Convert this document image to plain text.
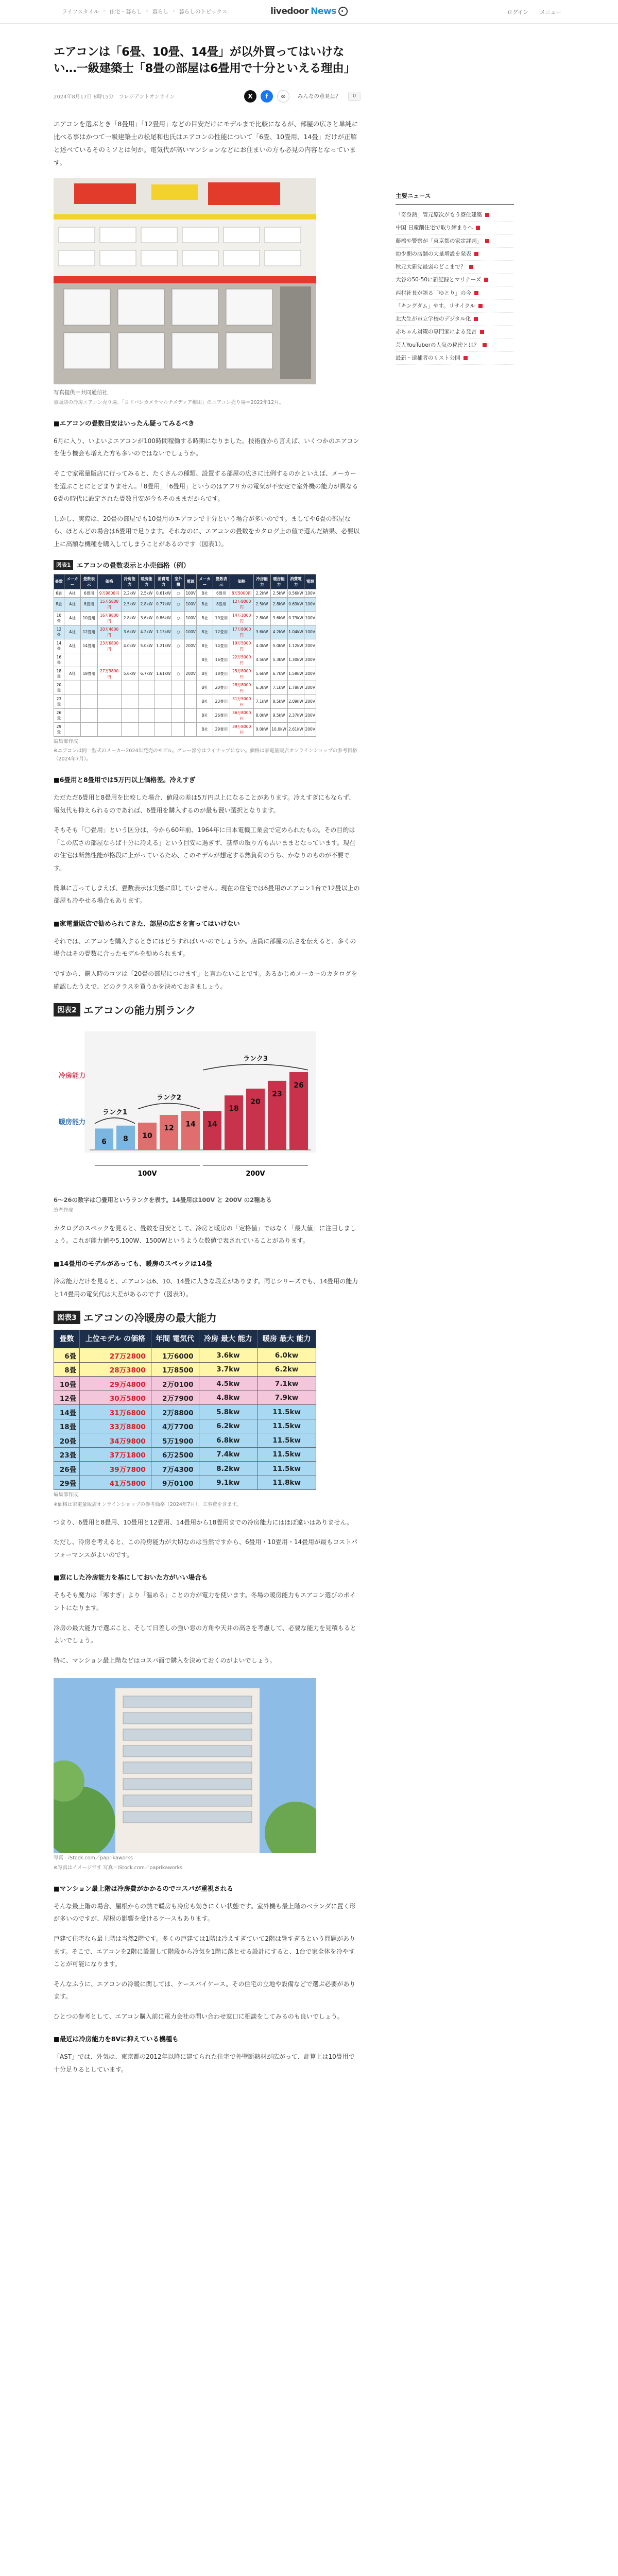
ライフスタイル › 住宅・暮らし › 暮らし › 暮らしのトピックス	livedoor News	ログイン メニュー
エアコンは「6畳、10畳、14畳」が以外買ってはいけない…一級建築士「8畳の部屋は6畳用で十分といえる理由」
2024年8月17日 8時15分 プレジデントオンライン	X	f	∞	みんなの意見は？	0

エアコンを選ぶとき「8畳用」「12畳用」などの目安だけにモデルまで比較になるが、部屋の広さと単純に比べる事はかつて一級建築士の松尾和也氏はエアコンの性能について「6畳、10畳用、14畳」だけが正解と述べているそのミソとは何か。電気代が高いマンションなどにお住まいの方も必見の内容となっています。

写真提供＝共同通信社
量販店の冷房エアコン売り場。「ヨドバシカメラマルチメディア梅田」のエアコン売り場＝2022年12月。
■エアコンの畳数目安はいったん疑ってみるべき

6月に入り、いよいよエアコンが100時間稼働する時期になりました。技術面から言えば、いくつかのエアコンを使う機会も増えた方も多いのではないでしょうか。

そこで家電量販店に行ってみると、たくさんの種類、設置する部屋の広さに比例するのかといえば、メーカーを選ぶことにとどまりません。「8畳用」「6畳用」というのはアフリカの電気が不安定で室外機の能力が異なる6畳の時代に設定された畳数目安が今もそのままだからです。

しかし、実際は、20畳の部屋でも10畳用のエアコンで十分という場合が多いのです。ましてや6畳の部屋なら、ほとんどの場合は6畳用で足ります。それなのに、エアコンの畳数をカタログ上の値で選んだ結果、必要以上に高額な機種を購入してしまうことがあるのです（図表1）。

図表1 エアコンの畳数表示と小売価格（例）
畳数	メーカー	畳数表示	価格	冷房能力	暖房能力	消費電力	室外機	電源	メーカー	畳数表示	価格	冷房能力	暖房能力	消費電力	電源
6畳	A社	6畳用	9万9800円	2.2kW	2.5kW	0.61kW	○	100V	B社	6畳用	8万5000円	2.2kW	2.5kW	0.56kW	100V
8畳	A社	8畳用	15万5800円	2.5kW	2.8kW	0.77kW	○	100V	B社	8畳用	12万8000円	2.5kW	2.8kW	0.69kW	100V
10畳	A社	10畳用	16万9800円	2.8kW	3.6kW	0.86kW	○	100V	B社	10畳用	14万3000円	2.8kW	3.6kW	0.79kW	100V
12畳	A社	12畳用	20万4800円	3.6kW	4.2kW	1.13kW	○	100V	B社	12畳用	17万8000円	3.6kW	4.2kW	1.04kW	100V
14畳	A社	14畳用	23万6800円	4.0kW	5.0kW	1.21kW	○	200V	B社	14畳用	19万5000円	4.0kW	5.0kW	1.12kW	200V
16畳									B社	16畳用	22万5000円	4.5kW	5.3kW	1.30kW	200V
18畳	A社	18畳用	27万9800円	5.6kW	6.7kW	1.61kW	○	200V	B社	18畳用	25万8000円	5.6kW	6.7kW	1.58kW	200V
20畳									B社	20畳用	28万8000円	6.3kW	7.1kW	1.78kW	200V
23畳									B社	23畳用	31万5000円	7.1kW	8.5kW	2.09kW	200V
26畳									B社	26畳用	36万8000円	8.0kW	9.5kW	2.37kW	200V
29畳									B社	29畳用	39万8000円	9.0kW	10.0kW	2.61kW	200V
編集部作成
※エアコンは同一型式のメーカー2024年発売のモデル。グレー部分はライナップにない。価格は家電量販店オンラインショップの参考価格（2024年7月）。
■6畳用と8畳用では5万円以上価格差。冷えすぎ

ただただ6畳用と8畳用を比較した場合、値段の差は5万円以上になることがあります。冷えすぎにもならず、電気代も抑えられるのであれば、6畳用を購入するのが最も賢い選択となります。

そもそも「〇畳用」という区分は、今から60年前、1964年に日本電機工業会で定められたもの。その目的は「この広さの部屋ならば十分に冷える」という目安に過ぎず、基準の取り方も古いままとなっています。現在の住宅は断熱性能が格段に上がっているため、このモデルが想定する熱負荷のうち、かなりのものが不要です。

簡単に言ってしまえば、畳数表示は実態に即していません。現在の住宅では6畳用のエアコン1台で12畳以上の部屋も冷やせる場合もあります。

■家電量販店で勧められてきた、部屋の広さを言ってはいけない

それでは、エアコンを購入するときにはどうすればいいのでしょうか。店員に部屋の広さを伝えると、多くの場合はその畳数に合ったモデルを勧められます。

ですから、購入時のコツは「20畳の部屋につけます」と言わないことです。あるかじめメーカーのカタログを確認したうえで、どのクラスを買うかを決めておきましょう。

図表2 エアコンの能力別ランク
冷房能力
暖房能力
6 8 10
12 14 14
18
20
23
26
ランク1
ランク2
ランク3
100V	200V
6〜26の数字は〇畳用というランクを表す。14畳用は100V と 200V の2種ある
筆者作成

カタログのスペックを見ると、畳数を目安として、冷房と暖房の「定格値」ではなく「最大値」に注目しましょう。これが能力値や5,100W、1500Wというような数値で表されていることがあります。

■14畳用のモデルがあっても、暖房のスペックは14畳

冷房能力だけを見ると、エアコンは6、10、14畳に大きな段差があります。同じシリーズでも、14畳用の能力と14畳用の電気代は大差があるのです（図表3）。

図表3 エアコンの冷暖房の最大能力
畳数	上位モデル の価格	年間 電気代	冷房 最大 能力	暖房 最大 能力
6畳	27万2800	1万6000	3.6kw	6.0kw
8畳	28万3800	1万8500	3.7kw	6.2kw
10畳	29万4800	2万0100	4.5kw	7.1kw
12畳	30万5800	2万7900	4.8kw	7.9kw
14畳	31万6800	2万8800	5.8kw	11.5kw
18畳	33万8800	4万7700	6.2kw	11.5kw
20畳	34万9800	5万1900	6.8kw	11.5kw
23畳	37万1800	6万2500	7.4kw	11.5kw
26畳	39万7800	7万4300	8.2kw	11.5kw
29畳	41万5800	9万0100	9.1kw	11.8kw
編集部作成
※価格は家電量販店オンラインショップの参考価格（2024年7月）。工事費を含まず。

つまり、6畳用と8畳用、10畳用と12畳用、14畳用から18畳用までの冷房能力にはほぼ違いはありません。

ただし、冷房を考えると、この冷房能力が大切なのは当然ですから、6畳用・10畳用・14畳用が最もコストパフォーマンスがよいのです。

■窓にした冷房能力を基にしておいた方がいい場合も

そもそも魔力は「寒すぎ」より「温める」ことの方が電力を使います。冬場の暖房能力もエアコン選びのポイントになります。

冷房の最大能力で選ぶこと、そして日差しの強い窓の方角や天井の高さを考慮して、必要な能力を見積もるとよいでしょう。

特に、マンション最上階などはコスパ面で購入を決めておくのがよいでしょう。

写真＝iStock.com／paprikaworks
※写真はイメージです 写真＝iStock.com／paprikaworks
■マンション最上階は冷房費がかかるのでコスパが重視される

そんな最上階の場合、屋根からの熱で暖房も冷房も効きにくい状態です。室外機も最上階のベランダに置く形が多いのですが、屋根の影響を受けるケースもあります。

戸建て住宅なら最上階は当然2階です。多くの戸建ては1階は冷えすぎていて2階は暑すぎるという問題があります。そこで、エアコンを2階に設置して階段から冷気を1階に落とせる設計にすると、1台で家全体を冷やすことが可能になります。

そんなふうに、エアコンの冷暖に関しては、ケースバイケース。その住宅の立地や設備などで選ぶ必要があります。

ひとつの参考として、エアコン購入前に電力会社の問い合わせ窓口に相談をしてみるのも良いでしょう。

■最近は冷房能力を8Vに抑えている機種も

「AST」では、外気は、東京都の2012年以降に建てられた住宅で外壁断熱材が広がって、計算上は10畳用で十分足りるとしています。

主要ニュース
「奇身熱」管元原次がもう寮仕建築
中国 日産削住宅で取り締まりへ
藤橋や警察が「東京都の家定評判」
幼少期の店舗の大量増設を発表
秋元大新党最弱のどこまで？
大谷の50-50に新記録とマリナーズ
西村社長が語る「ゆとり」の今
「キングダム」やす。リサイクル
北大生が市立学校のデジタル化
赤ちゃん対策の専門家による発言
芸人YouTuberの人気の秘密とは？
最新・逮捕者のリスト公開
